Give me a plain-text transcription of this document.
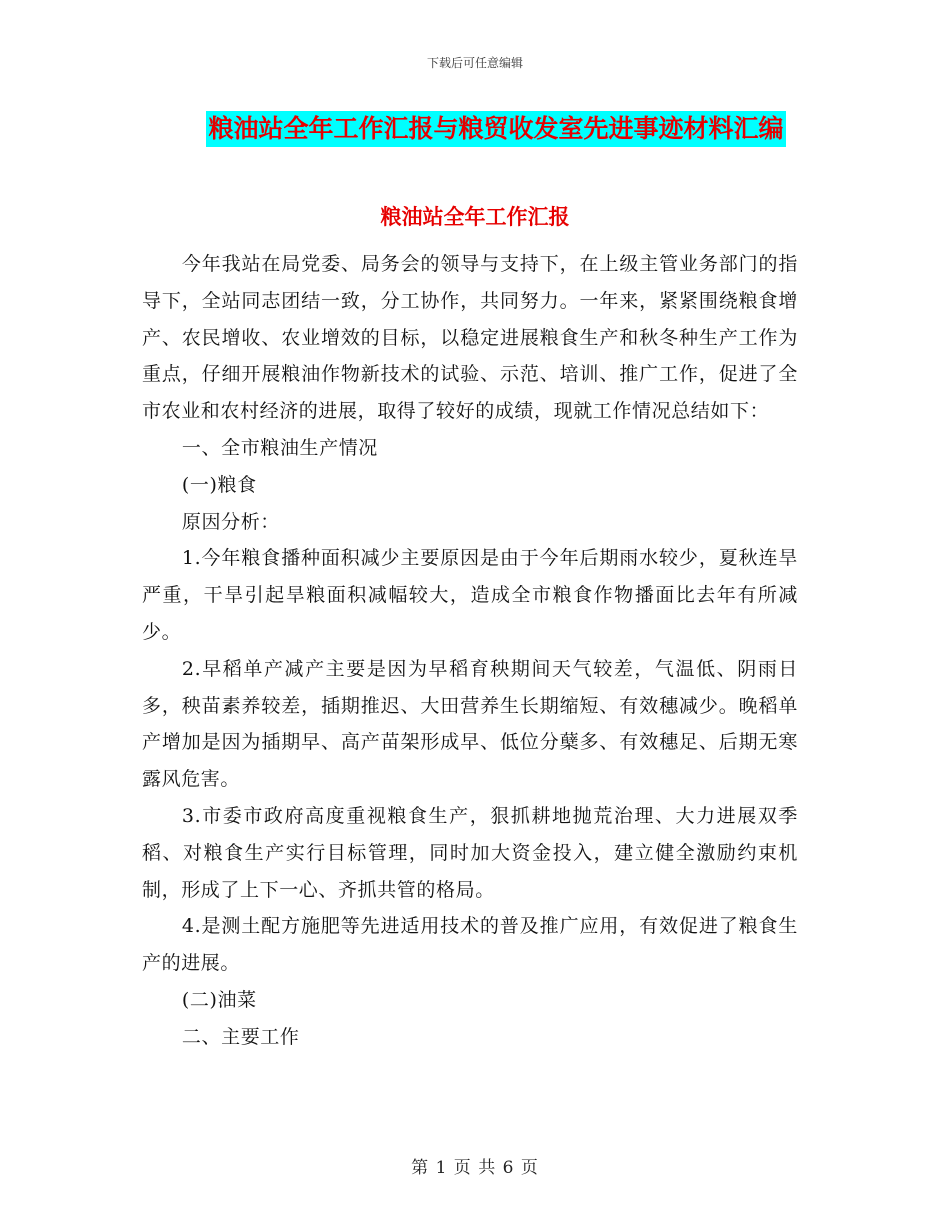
下载后可任意编辑
粮油站全年工作汇报与粮贸收发室先进事迹材料汇编
粮油站全年工作汇报

今年我站在局党委、局务会的领导与支持下，在上级主管业务部门的指导下，全站同志团结一致，分工协作，共同努力。一年来，紧紧围绕粮食增产、农民增收、农业增效的目标，以稳定进展粮食生产和秋冬种生产工作为重点，仔细开展粮油作物新技术的试验、示范、培训、推广工作，促进了全市农业和农村经济的进展，取得了较好的成绩，现就工作情况总结如下：

一、全市粮油生产情况

(一)粮食

原因分析：

1.今年粮食播种面积减少主要原因是由于今年后期雨水较少，夏秋连旱严重，干旱引起旱粮面积减幅较大，造成全市粮食作物播面比去年有所减少。

2.早稻单产减产主要是因为早稻育秧期间天气较差，气温低、阴雨日多，秧苗素养较差，插期推迟、大田营养生长期缩短、有效穗减少。晚稻单产增加是因为插期早、高产苗架形成早、低位分蘖多、有效穗足、后期无寒露风危害。

3.市委市政府高度重视粮食生产，狠抓耕地抛荒治理、大力进展双季稻、对粮食生产实行目标管理，同时加大资金投入，建立健全激励约束机制，形成了上下一心、齐抓共管的格局。

4.是测土配方施肥等先进适用技术的普及推广应用，有效促进了粮食生产的进展。

(二)油菜

二、主要工作

第 1 页 共 6 页
